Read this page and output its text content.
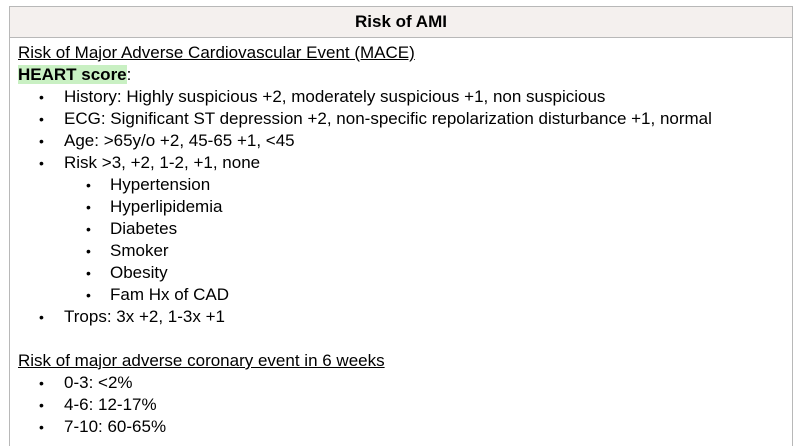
Risk of AMI
Risk of Major Adverse Cardiovascular Event (MACE)
HEART score:
• History: Highly suspicious +2, moderately suspicious +1, non suspicious
• ECG: Significant ST depression +2, non-specific repolarization disturbance +1, normal
• Age: >65y/o +2, 45-65 +1, <45
• Risk >3, +2, 1-2, +1, none
• Hypertension
• Hyperlipidemia
• Diabetes
• Smoker
• Obesity
• Fam Hx of CAD
• Trops: 3x +2, 1-3x +1
Risk of major adverse coronary event in 6 weeks
• 0-3: <2%
• 4-6: 12-17%
• 7-10: 60-65%
